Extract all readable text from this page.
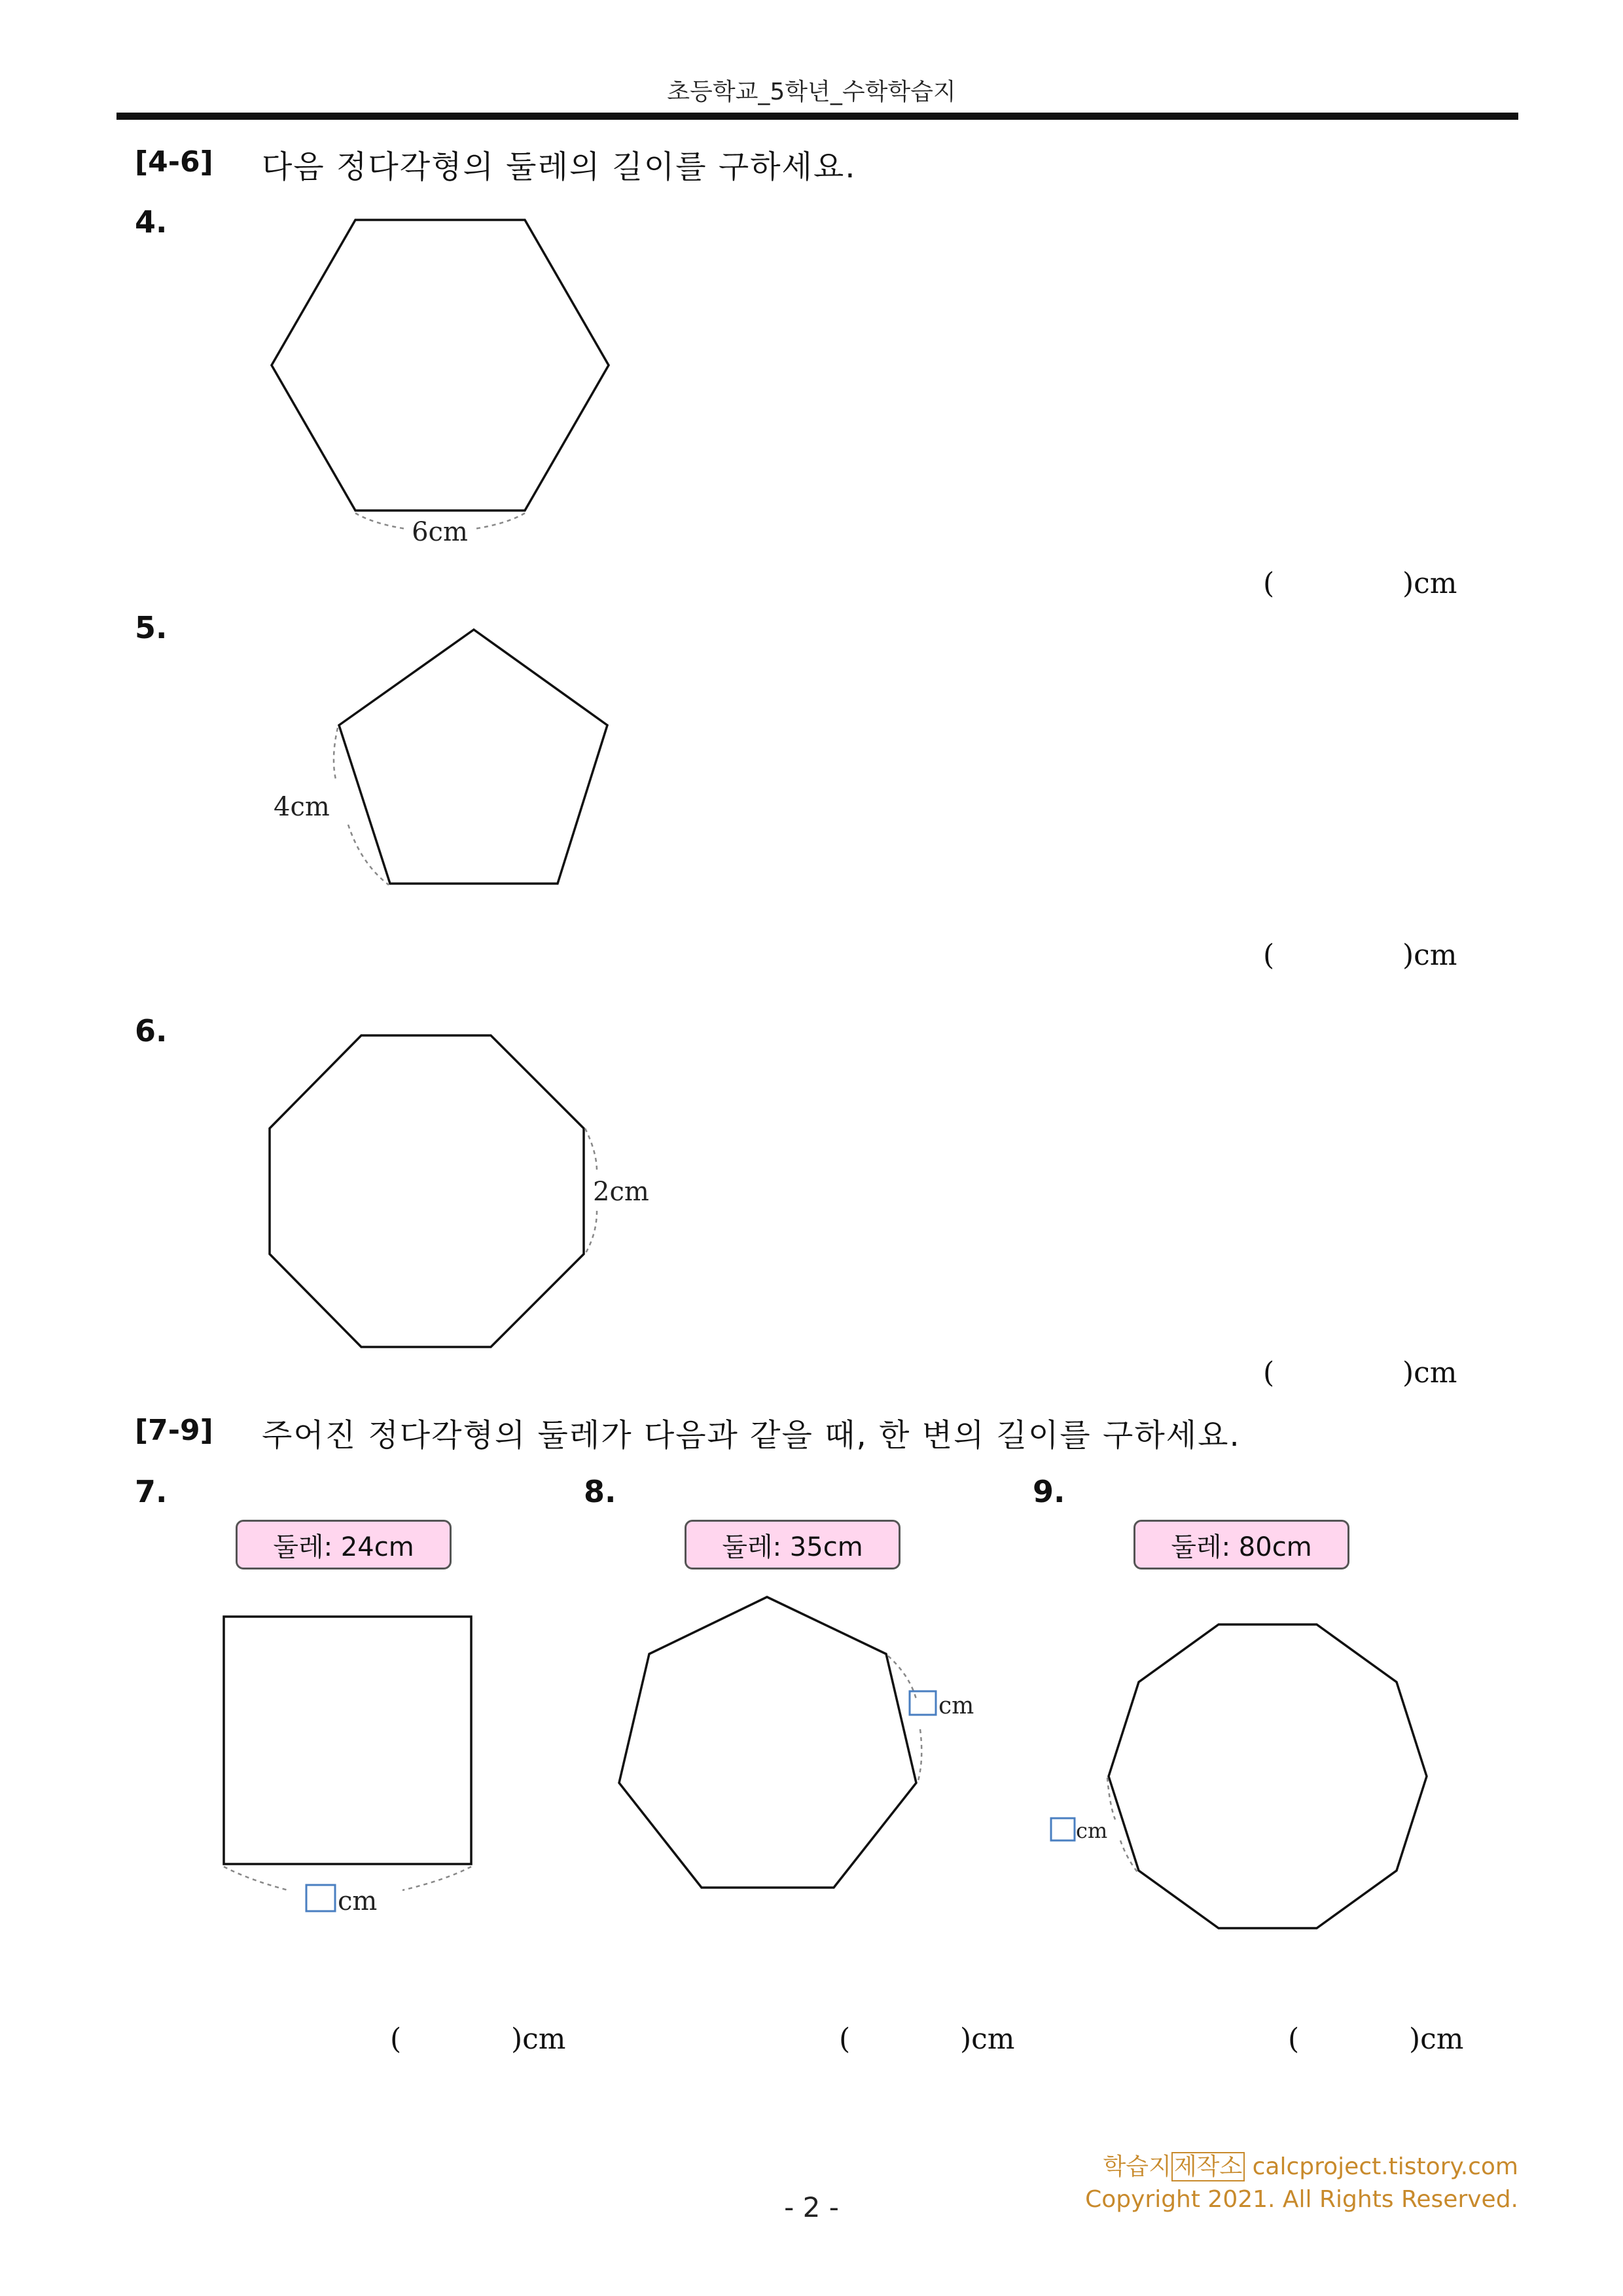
초등학교_5학년_수학학습지
[4-6] 다음 정다각형의 둘레의 길이를 구하세요.
4.
5.
6.
6cm
4cm
2cm
(              )cm
(              )cm
(              )cm
[7-9] 주어진 정다각형의 둘레가 다음과 같을 때, 한 변의 길이를 구하세요.
7.	8.	9.
둘레: 24cm	둘레: 35cm	둘레: 80cm
cm
cm
cm
(            )cm	(            )cm	(            )cm
- 2 -
학습지 제작소 calcproject.tistory.com
Copyright 2021. All Rights Reserved.
